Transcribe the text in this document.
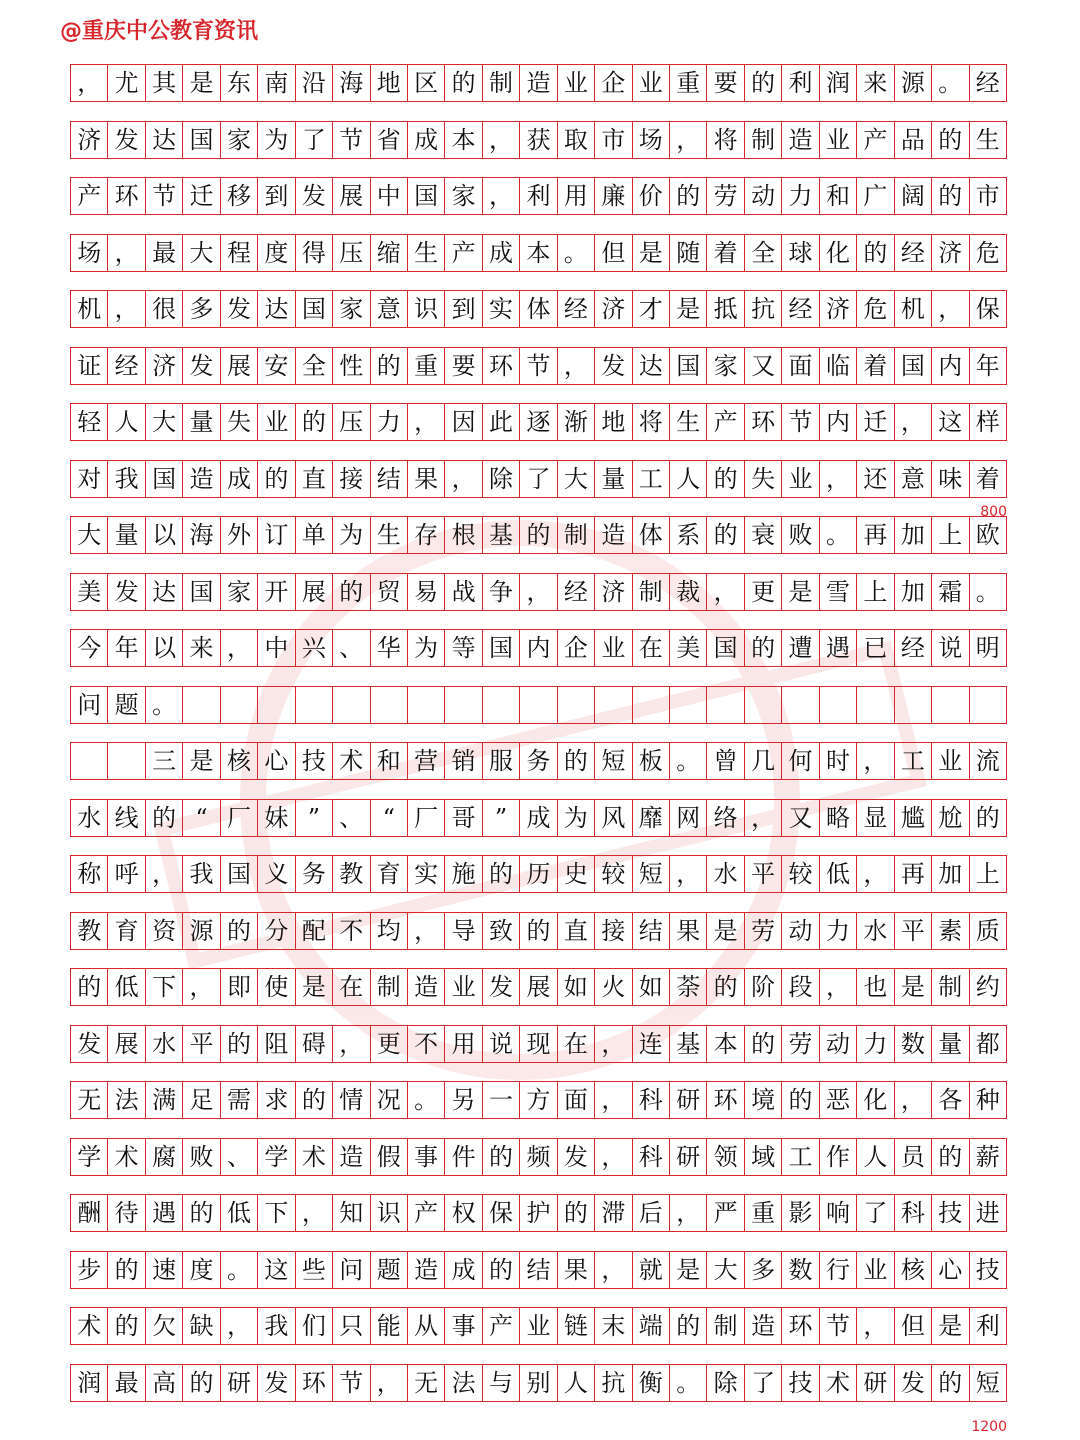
@重庆中公教育资讯
800
1200
， 尤 其 是 东 南 沿 海 地 区 的 制 造 业 企 业 重 要 的 利 润 来 源 。 经
济 发 达 国 家 为 了 节 省 成 本 ， 获 取 市 场 ， 将 制 造 业 产 品 的 生
产 环 节 迁 移 到 发 展 中 国 家 ， 利 用 廉 价 的 劳 动 力 和 广 阔 的 市
场 ， 最 大 程 度 得 压 缩 生 产 成 本 。 但 是 随 着 全 球 化 的 经 济 危
机 ， 很 多 发 达 国 家 意 识 到 实 体 经 济 才 是 抵 抗 经 济 危 机 ， 保
证 经 济 发 展 安 全 性 的 重 要 环 节 ， 发 达 国 家 又 面 临 着 国 内 年
轻 人 大 量 失 业 的 压 力 ， 因 此 逐 渐 地 将 生 产 环 节 内 迁 ， 这 样
对 我 国 造 成 的 直 接 结 果 ， 除 了 大 量 工 人 的 失 业 ， 还 意 味 着
大 量 以 海 外 订 单 为 生 存 根 基 的 制 造 体 系 的 衰 败 。 再 加 上 欧
美 发 达 国 家 开 展 的 贸 易 战 争 ， 经 济 制 裁 ， 更 是 雪 上 加 霜 。
今 年 以 来 ， 中 兴 、 华 为 等 国 内 企 业 在 美 国 的 遭 遇 已 经 说 明
问 题 。
三 是 核 心 技 术 和 营 销 服 务 的 短 板 。 曾 几 何 时 ， 工 业 流
水 线 的 “ 厂 妹 ” 、 “ 厂 哥 ” 成 为 风 靡 网 络 ， 又 略 显 尴 尬 的
称 呼 ， 我 国 义 务 教 育 实 施 的 历 史 较 短 ， 水 平 较 低 ， 再 加 上
教 育 资 源 的 分 配 不 均 ， 导 致 的 直 接 结 果 是 劳 动 力 水 平 素 质
的 低 下 ， 即 使 是 在 制 造 业 发 展 如 火 如 荼 的 阶 段 ， 也 是 制 约
发 展 水 平 的 阻 碍 ， 更 不 用 说 现 在 ， 连 基 本 的 劳 动 力 数 量 都
无 法 满 足 需 求 的 情 况 。 另 一 方 面 ， 科 研 环 境 的 恶 化 ， 各 种
学 术 腐 败 、 学 术 造 假 事 件 的 频 发 ， 科 研 领 域 工 作 人 员 的 薪
酬 待 遇 的 低 下 ， 知 识 产 权 保 护 的 滞 后 ， 严 重 影 响 了 科 技 进
步 的 速 度 。 这 些 问 题 造 成 的 结 果 ， 就 是 大 多 数 行 业 核 心 技
术 的 欠 缺 ， 我 们 只 能 从 事 产 业 链 末 端 的 制 造 环 节 ， 但 是 利
润 最 高 的 研 发 环 节 ， 无 法 与 别 人 抗 衡 。 除 了 技 术 研 发 的 短
